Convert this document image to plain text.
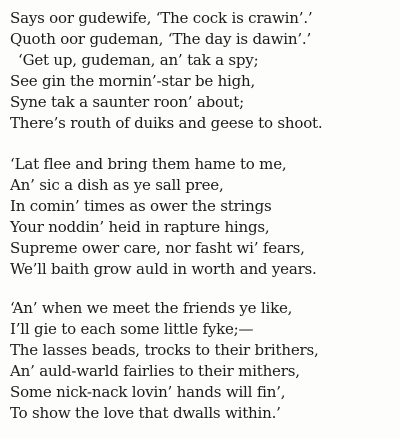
Says oor gudewife, ‘The cock is crawin’.’
Quoth oor gudeman, ‘The day is dawin’.’
‘Get up, gudeman, an’ tak a spy;
See gin the mornin’-star be high,
Syne tak a saunter roon’ about;
There’s routh of duiks and geese to shoot.
‘Lat flee and bring them hame to me,
An’ sic a dish as ye sall pree,
In comin’ times as ower the strings
Your noddin’ heid in rapture hings,
Supreme ower care, nor fasht wi’ fears,
We’ll baith grow auld in worth and years.
‘An’ when we meet the friends ye like,
I’ll gie to each some little fyke;—
The lasses beads, trocks to their brithers,
An’ auld-warld fairlies to their mithers,
Some nick-nack lovin’ hands will fin’,
To show the love that dwalls within.’
